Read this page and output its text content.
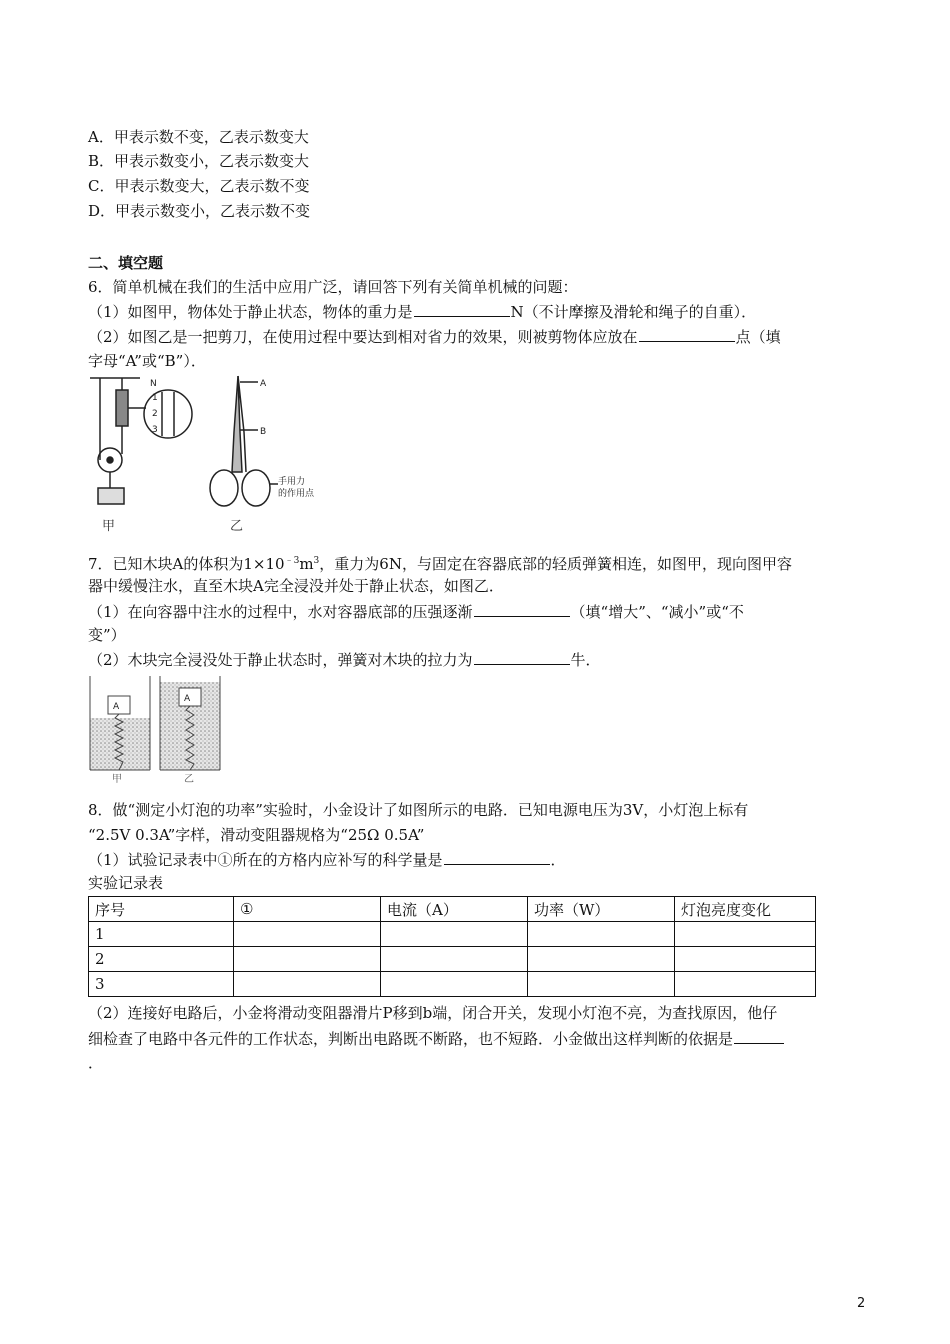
A．甲表示数不变，乙表示数变大
B．甲表示数变小，乙表示数变大
C．甲表示数变大，乙表示数不变
D．甲表示数变小，乙表示数不变
二、填空题
6．简单机械在我们的生活中应用广泛，请回答下列有关简单机械的问题：
（1）如图甲，物体处于静止状态，物体的重力是	N（不计摩擦及滑轮和绳子的自重）．
（2）如图乙是一把剪刀，在使用过程中要达到相对省力的效果，则被剪物体应放在	点（填
字母“A”或“B”）．
N
1
2
3
甲
A
B
手用力
的作用点
乙
7．已知木块A的体积为$1\times 10^{﹣3}m^3$，重力为6N，与固定在容器底部的轻质弹簧相连，如图甲，现向图甲容
器中缓慢注水，直至木块A完全浸没并处于静止状态，如图乙．
（1）在向容器中注水的过程中，水对容器底部的压强逐渐	（填“增大”、“减小”或“不
变”）
（2）木块完全浸没处于静止状态时，弹簧对木块的拉力为	牛．
A
A
甲	乙
8．做“测定小灯泡的功率”实验时，小金设计了如图所示的电路．已知电源电压为3V，小灯泡上标有
“2.5V 0.3A”字样，滑动变阻器规格为“25Ω 0.5A”
（1）试验记录表中①所在的方格内应补写的科学量是	．
实验记录表
序号	①	电流（A）	功率（W）	灯泡亮度变化
1				
2				
3				
（2）连接好电路后，小金将滑动变阻器滑片P移到b端，闭合开关，发现小灯泡不亮，为查找原因，他仔
细检查了电路中各元件的工作状态，判断出电路既不断路，也不短路．小金做出这样判断的依据是
．
2
